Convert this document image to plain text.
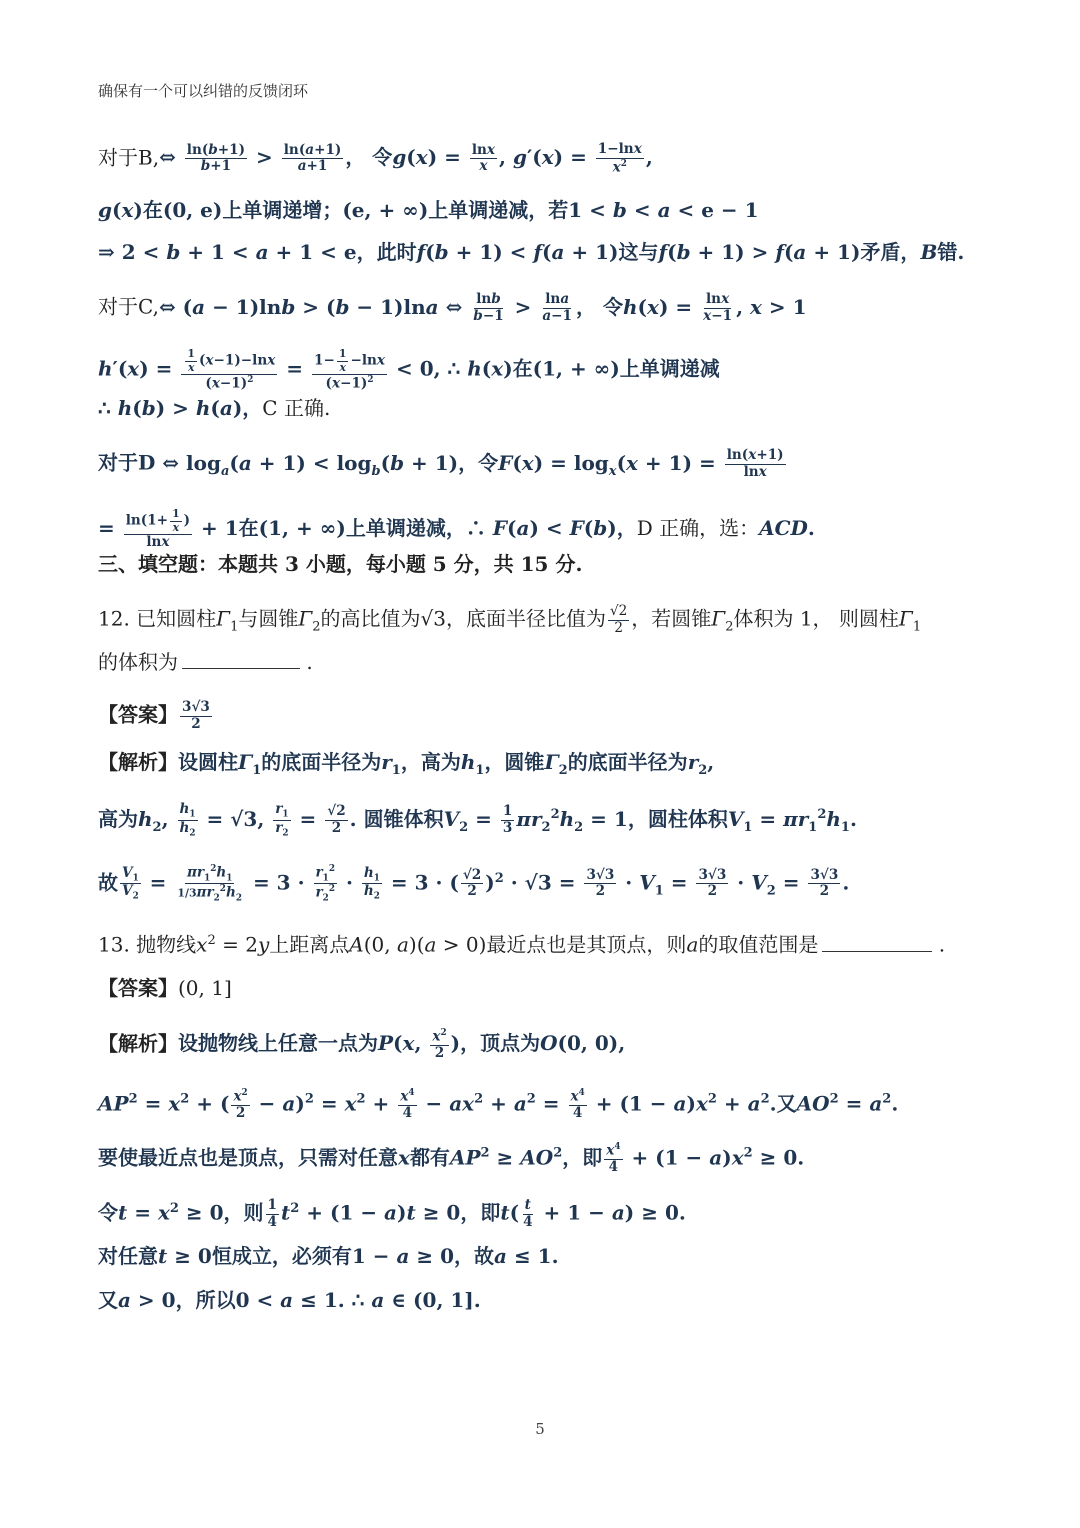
确保有一个可以纠错的反馈闭环
对于B,⇔ $\frac{\ln(b+1)}{b+1} > \frac{\ln(a+1)}{a+1}$ ， 令$g(x) = \frac{\ln x}{x}$ , $g'(x) = \frac{1-\ln x}{x^2}$ ,
g(x)在(0, e)上单调递增；(e, + ∞)上单调递减，若1 < b < a < e − 1
⇒ 2 < b + 1 < a + 1 < e，此时f(b + 1) < f(a + 1)这与f(b + 1) > f(a + 1)矛盾，B错.
对于C,⇔ (a − 1)lnb > (b − 1)lna ⇔ $\frac{\ln b}{b-1} > \frac{\ln a}{a-1}$ ， 令$h(x) = \frac{\ln x}{x-1}$ , x > 1
$h'(x) = \frac{\frac{1}{x} (x-1)-\ln x}{(x-1)^2} = \frac{1- \frac{1}{x} -\ln x}{(x-1)^2} < 0$, ∴ h(x)在(1, + ∞)上单调递减
∴ h(b) > h(a)，C 正确.
对于D ⇔ $\log_a(a + 1) < \log_b(b + 1)$，令$F(x) = \log_x(x + 1) = \frac{\ln(x+1)}{\ln x}$
= $\frac{\ln(1+ \frac{1}{x} )}{\ln x} + 1$在(1, + ∞)上单调递减，∴ F(a) < F(b)，D 正确，选：ACD.
三、填空题：本题共 3 小题，每小题 5 分，共 15 分.
12. 已知圆柱$\Gamma_1$与圆锥$\Gamma_2$的高比值为√3，底面半径比值为 $\frac{√2}{2}$ ，若圆锥$\Gamma_2$体积为 1， 则圆柱$\Gamma_1$
的体积为	.
【答案】 $\frac{3√3}{2}$
【解析】设圆柱$\Gamma_1$的底面半径为$r_1$，高为$h_1$，圆锥$\Gamma_2$的底面半径为$r_2$,
高为$h_2$, $\frac{h_1}{h_2} = √3$, $\frac{r_1}{r_2} = \frac{√2}{2}$ . 圆锥体积$V_2 = \frac{1}{3} \pi r_2^2h_2 = 1$，圆柱体积$V_1 = \pi r_1^2h_1$.
故 $\frac{V_1}{V_2} = \frac{\pi r_1^2h_1}{1/3\pi r_2^2h_2} = 3 \cdot \frac{r_1^2}{r_2^2} \cdot \frac{h_1}{h_2} = 3$ · ( $\frac{√2}{2} )^2 \cdot √3 = \frac{3√3}{2} \cdot V_1 = \frac{3√3}{2} \cdot V_2 = \frac{3√3}{2}$ .
13. 抛物线$x^2 = 2y$上距离点A(0, a)(a > 0)最近点也是其顶点，则a的取值范围是	.
【答案】(0, 1]
【解析】设抛物线上任意一点为P(x, $\frac{x^2}{2}$ )，顶点为O(0, 0),
$AP^2 = x^2$ + ( $\frac{x^2}{2} - a)^2 = x^2 + \frac{x^4}{4} - ax^2 + a^2 = \frac{x^4}{4} + (1 - a)x^2 + a^2$.又$AO^2 = a^2$.
要使最近点也是顶点，只需对任意x都有$AP^2 \ge AO^2$，即 $\frac{x^4}{4} + (1 - a)x^2 \ge 0$.
令$t = x^2 \ge 0$，则 $\frac{1}{4} t^2 + (1 - a)t \ge 0$，即$t( \frac{t}{4} + 1 - a) \ge 0$.
对任意t ≥ 0恒成立，必须有1 − a ≥ 0，故a ≤ 1.
又a > 0，所以0 < a ≤ 1. ∴ a ∈ (0, 1].
5
